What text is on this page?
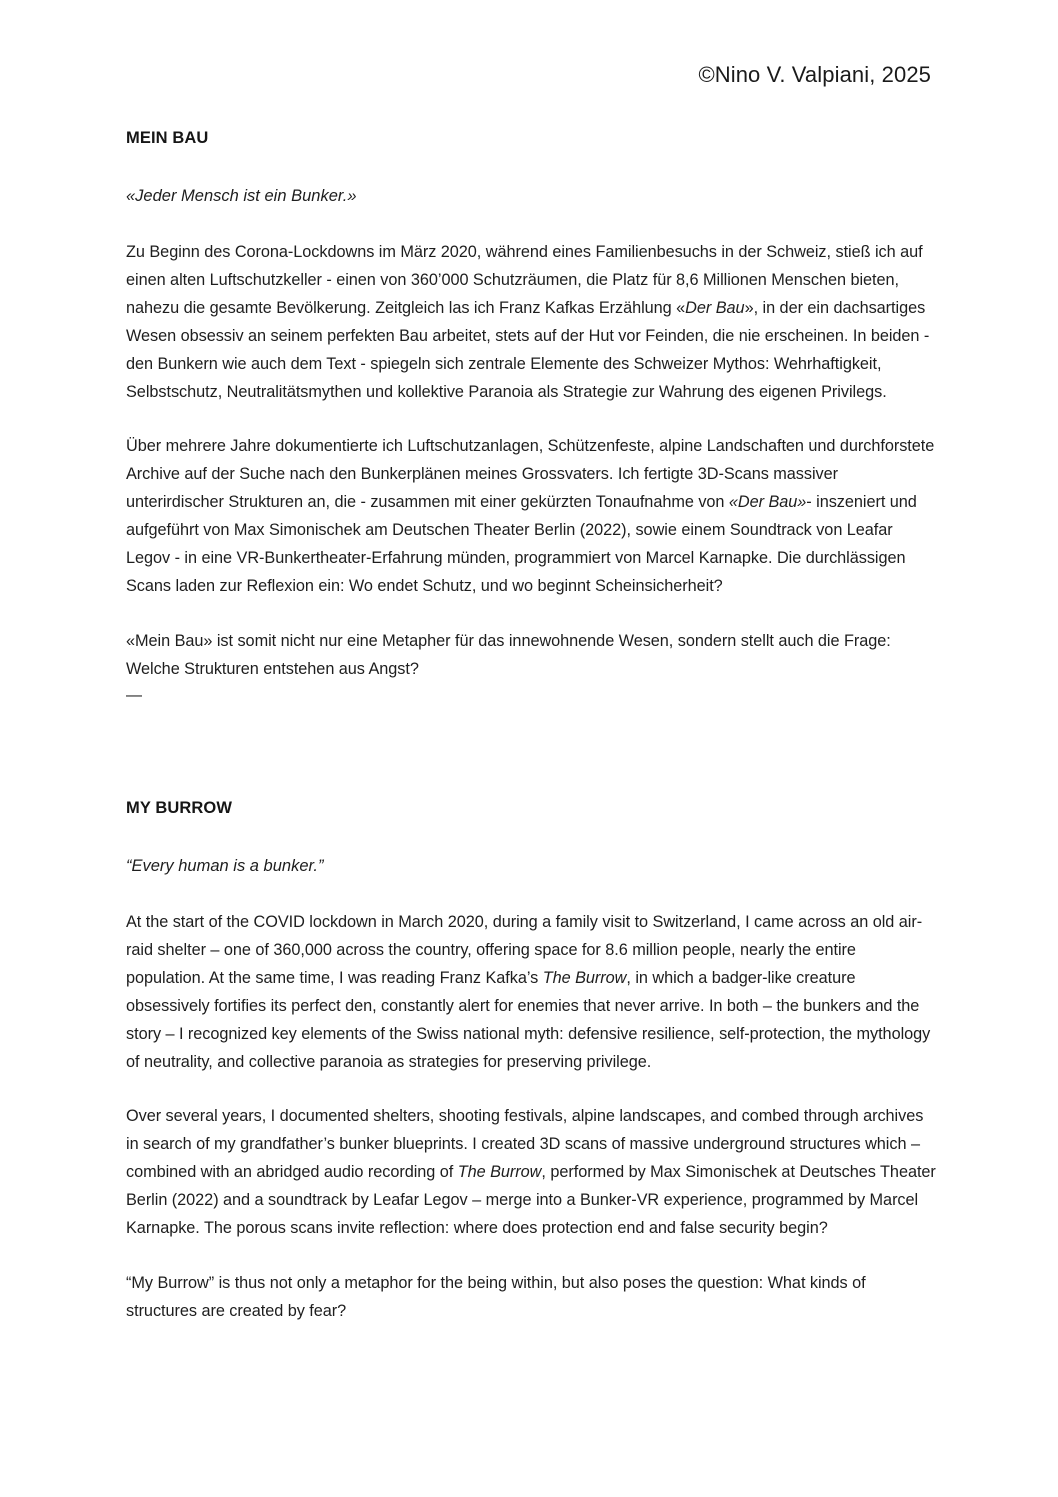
©Nino V. Valpiani, 2025
MEIN BAU

«Jeder Mensch ist ein Bunker.»

Zu Beginn des Corona-Lockdowns im März 2020, während eines Familienbesuchs in der Schweiz, stieß ich auf einen alten Luftschutzkeller - einen von 360’000 Schutzräumen, die Platz für 8,6 Millionen Menschen bieten, nahezu die gesamte Bevölkerung. Zeitgleich las ich Franz Kafkas Erzählung «Der Bau», in der ein dachsartiges Wesen obsessiv an seinem perfekten Bau arbeitet, stets auf der Hut vor Feinden, die nie erscheinen. In beiden - den Bunkern wie auch dem Text - spiegeln sich zentrale Elemente des Schweizer Mythos: Wehrhaftigkeit, Selbstschutz, Neutralitätsmythen und kollektive Paranoia als Strategie zur Wahrung des eigenen Privilegs.

Über mehrere Jahre dokumentierte ich Luftschutzanlagen, Schützenfeste, alpine Landschaften und durchforstete Archive auf der Suche nach den Bunkerplänen meines Grossvaters. Ich fertigte 3D-Scans massiver unterirdischer Strukturen an, die - zusammen mit einer gekürzten Tonaufnahme von «Der Bau»- inszeniert und aufgeführt von Max Simonischek am Deutschen Theater Berlin (2022), sowie einem Soundtrack von Leafar Legov - in eine VR-Bunkertheater-Erfahrung münden, programmiert von Marcel Karnapke. Die durchlässigen Scans laden zur Reflexion ein: Wo endet Schutz, und wo beginnt Scheinsicherheit?

«Mein Bau» ist somit nicht nur eine Metapher für das innewohnende Wesen, sondern stellt auch die Frage: Welche Strukturen entstehen aus Angst?

—

MY BURROW

“Every human is a bunker.”

At the start of the COVID lockdown in March 2020, during a family visit to Switzerland, I came across an old air-raid shelter – one of 360,000 across the country, offering space for 8.6 million people, nearly the entire population. At the same time, I was reading Franz Kafka’s The Burrow, in which a badger-like creature obsessively fortifies its perfect den, constantly alert for enemies that never arrive. In both – the bunkers and the story – I recognized key elements of the Swiss national myth: defensive resilience, self-protection, the mythology of neutrality, and collective paranoia as strategies for preserving privilege.

Over several years, I documented shelters, shooting festivals, alpine landscapes, and combed through archives in search of my grandfather’s bunker blueprints. I created 3D scans of massive underground structures which – combined with an abridged audio recording of The Burrow, performed by Max Simonischek at Deutsches Theater Berlin (2022) and a soundtrack by Leafar Legov – merge into a Bunker-VR experience, programmed by Marcel Karnapke. The porous scans invite reflection: where does protection end and false security begin?

“My Burrow” is thus not only a metaphor for the being within, but also poses the question: What kinds of structures are created by fear?
